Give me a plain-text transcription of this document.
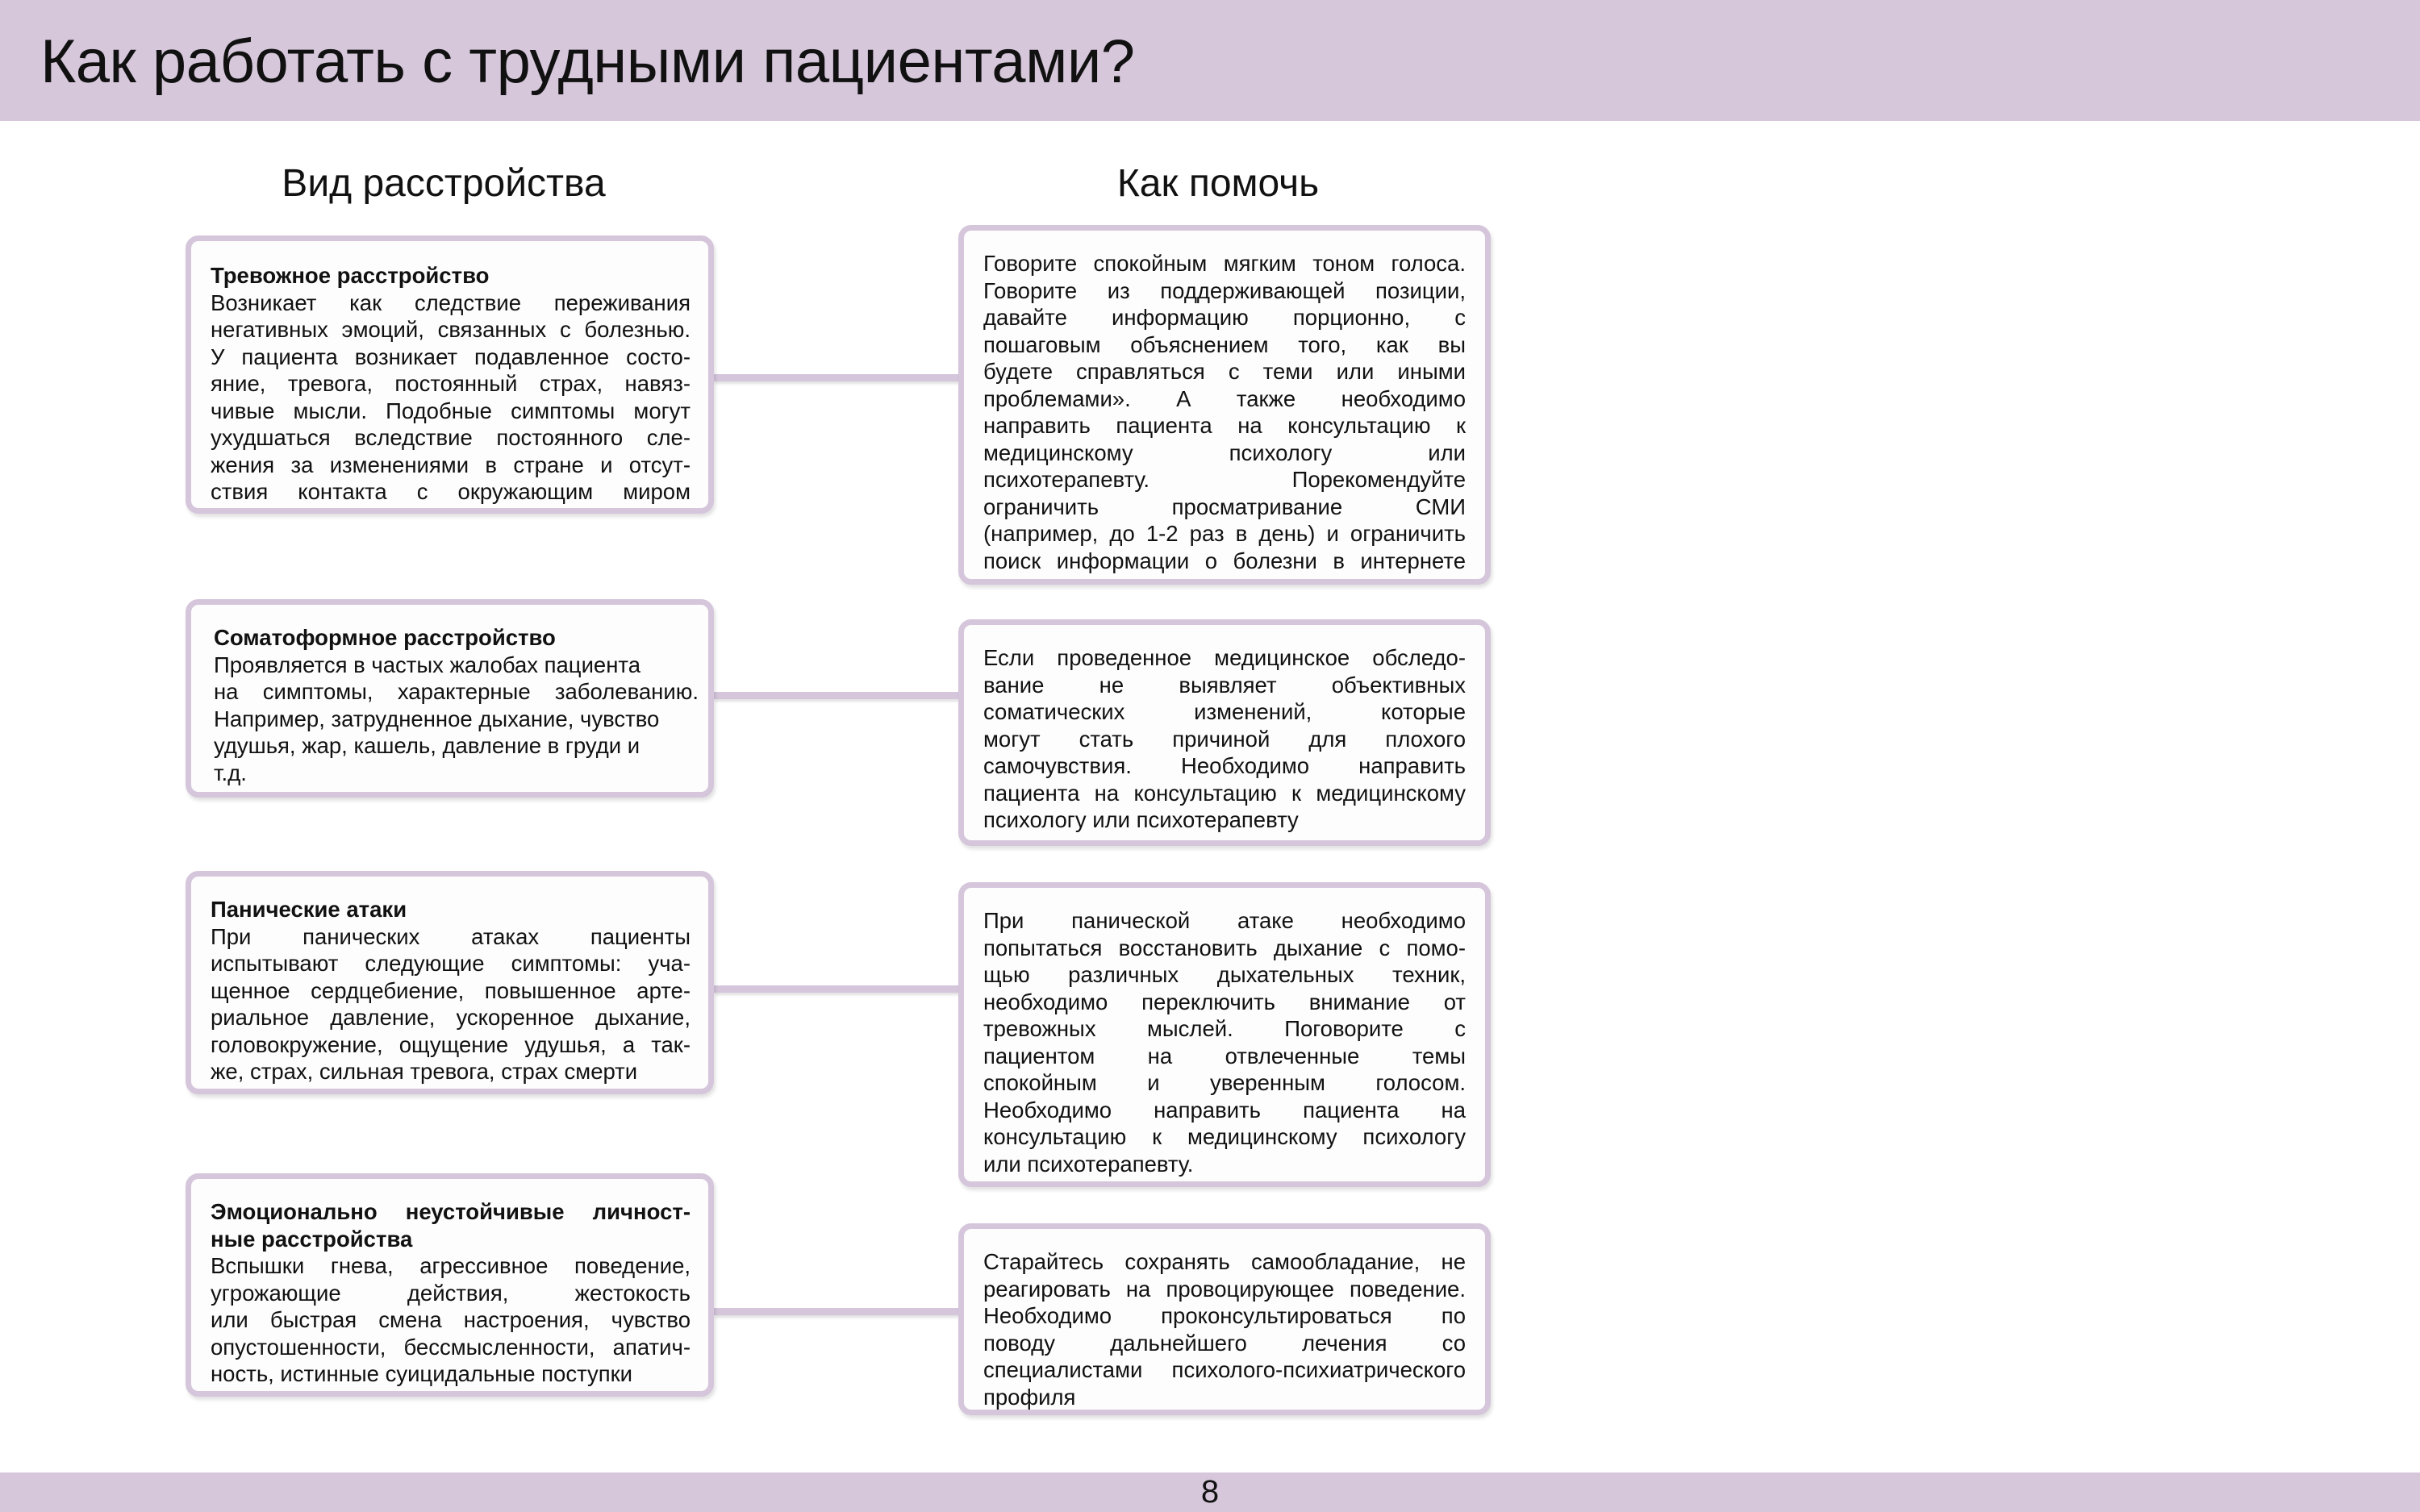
Как работать с трудными пациентами?
Вид расстройства	Как помочь
Тревожное расстройство
Возникает как следствие переживания
негативных эмоций, связанных с болезнью.
У пациента возникает подавленное состо-
яние, тревога, постоянный страх, навяз-
чивые мысли. Подобные симптомы могут
ухудшаться вследствие постоянного сле-
жения за изменениями в стране и отсут-
ствия контакта с окружающим миром
Соматоформное расстройство
Проявляется в частых жалобах пациента
на симптомы, характерные заболеванию.
Например, затрудненное дыхание, чувство
удушья, жар, кашель, давление в груди и
т.д.
Панические атаки
При панических атаках пациенты
испытывают следующие симптомы: уча-
щенное сердцебиение, повышенное арте-
риальное давление, ускоренное дыхание,
головокружение, ощущение удушья, а так-
же, страх, сильная тревога, страх смерти
Эмоционально неустойчивые личност-
ные расстройства
Вспышки гнева, агрессивное поведение,
угрожающие действия, жестокость
или быстрая смена настроения, чувство
опустошенности, бессмысленности, апатич-
ность, истинные суицидальные поступки
Говорите спокойным мягким тоном голоса.
Говорите из поддерживающей позиции,
давайте информацию порционно, с
пошаговым объяснением того, как вы
будете справляться с теми или иными
проблемами». А также необходимо
направить пациента на консультацию к
медицинскому психологу или
психотерапевту. Порекомендуйте
ограничить просматривание СМИ
(например, до 1-2 раз в день) и ограничить
поиск информации о болезни в интернете
Если проведенное медицинское обследо-
вание не выявляет объективных
соматических изменений, которые
могут стать причиной для плохого
самочувствия. Необходимо направить
пациента на консультацию к медицинскому
психологу или психотерапевту
При панической атаке необходимо
попытаться восстановить дыхание с помо-
щью различных дыхательных техник,
необходимо переключить внимание от
тревожных мыслей. Поговорите с
пациентом на отвлеченные темы
спокойным и уверенным голосом.
Необходимо направить пациента на
консультацию к медицинскому психологу
или психотерапевту.
Старайтесь сохранять самообладание, не
реагировать на провоцирующее поведение.
Необходимо проконсультироваться по
поводу дальнейшего лечения со
специалистами психолого-психиатрического
профиля
8
